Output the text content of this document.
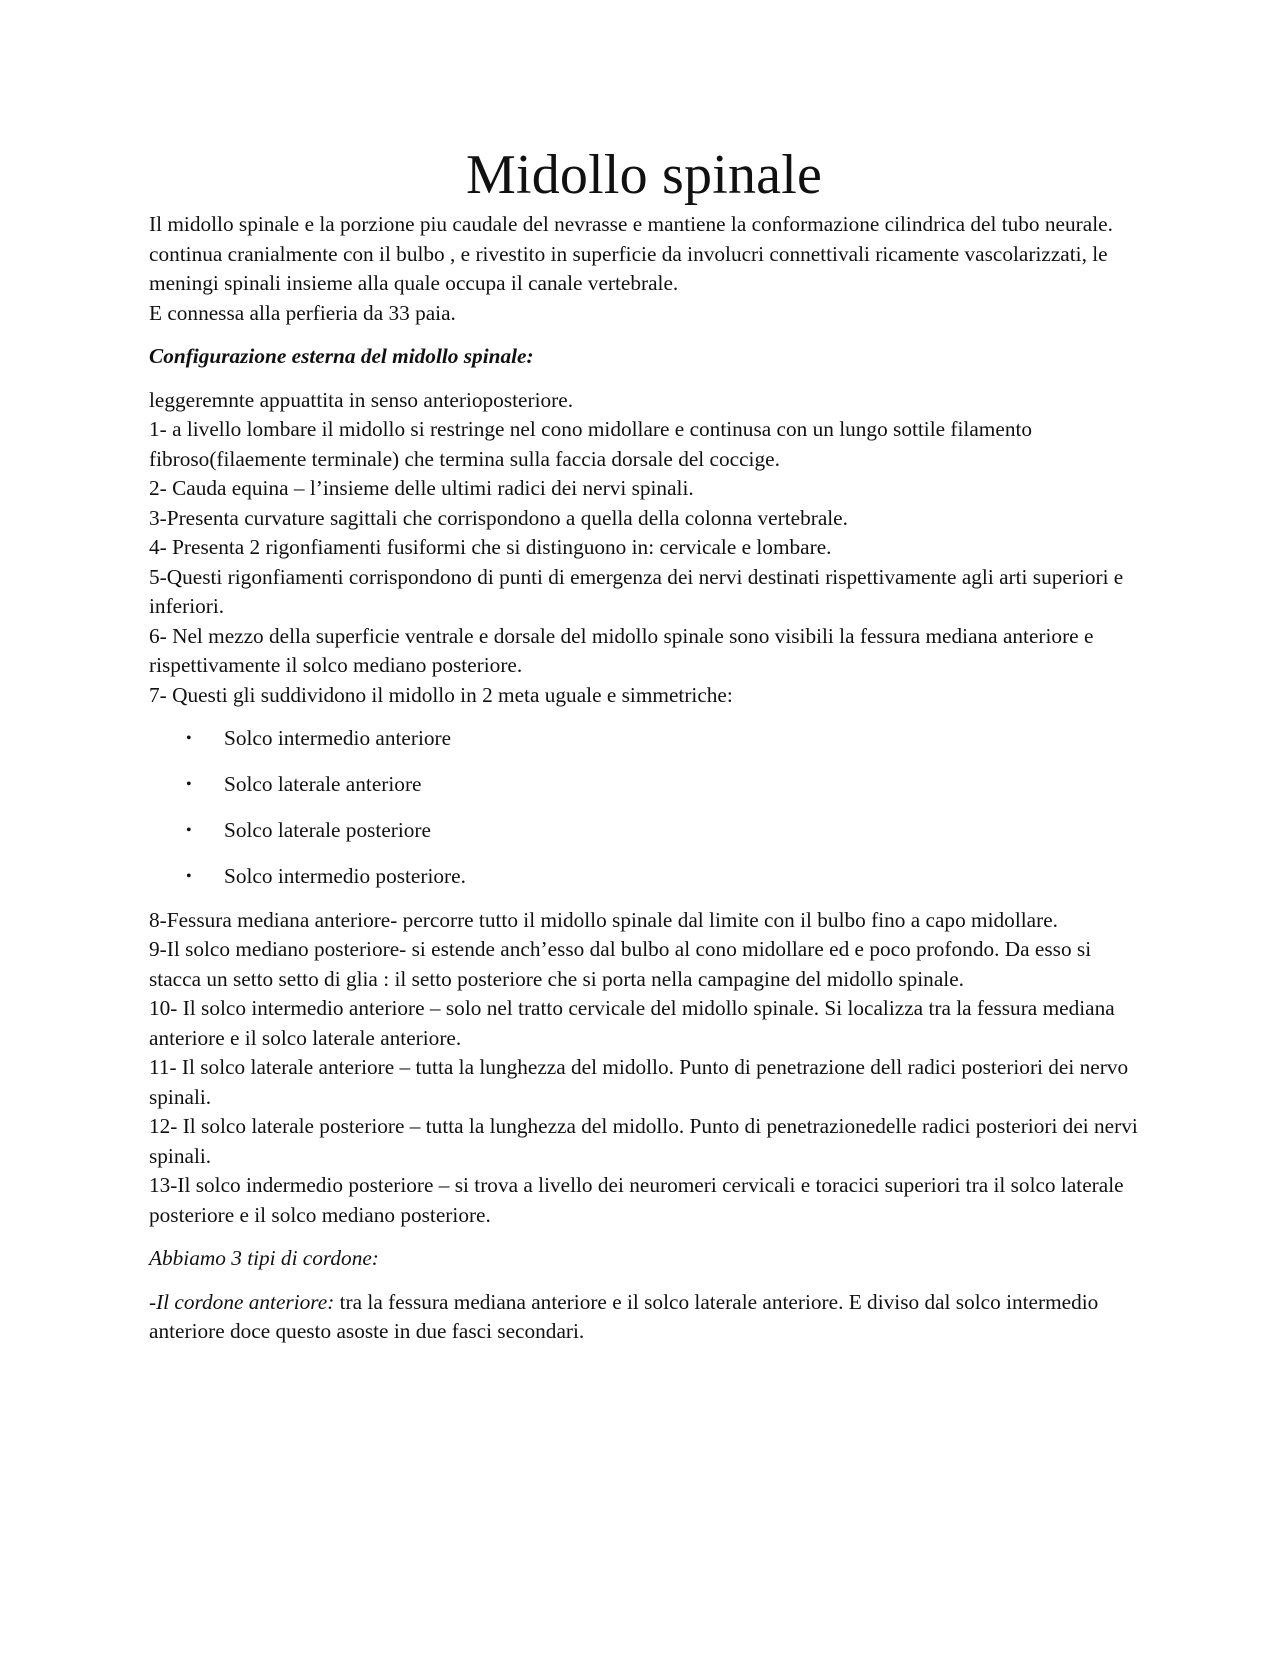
Midollo spinale

Il midollo spinale e la porzione piu caudale del nevrasse e mantiene la conformazione cilindrica del tubo neurale.

continua cranialmente con il bulbo , e rivestito in superficie da involucri connettivali ricamente vascolarizzati, le meningi spinali insieme alla quale occupa il canale vertebrale.

E connessa alla perfieria da 33 paia.

Configurazione esterna del midollo spinale:

leggeremnte appuattita in senso anterioposteriore.

1- a livello lombare il midollo si restringe nel cono midollare e continusa con un lungo sottile filamento fibroso(filaemente terminale) che termina sulla faccia dorsale del coccige.

2- Cauda equina – l’insieme delle ultimi radici dei nervi spinali.

3-Presenta curvature sagittali che corrispondono a quella della colonna vertebrale.

4- Presenta 2 rigonfiamenti fusiformi che si distinguono in: cervicale e lombare.

5-Questi rigonfiamenti corrispondono di punti di emergenza dei nervi destinati rispettivamente agli arti superiori e inferiori.

6- Nel mezzo della superficie ventrale e dorsale del midollo spinale sono visibili la fessura mediana anteriore e rispettivamente il solco mediano posteriore.

7- Questi gli suddividono il midollo in 2 meta uguale e simmetriche:

• Solco intermedio anteriore
• Solco laterale anteriore
• Solco laterale posteriore
• Solco intermedio posteriore.

8-Fessura mediana anteriore- percorre tutto il midollo spinale dal limite con il bulbo fino a capo midollare.

9-Il solco mediano posteriore- si estende anch’esso dal bulbo al cono midollare ed e poco profondo. Da esso si stacca un setto setto di glia : il setto posteriore che si porta nella campagine del midollo spinale.

10- Il solco intermedio anteriore – solo nel tratto cervicale del midollo spinale. Si localizza tra la fessura mediana anteriore e il solco laterale anteriore.

11- Il solco laterale anteriore – tutta la lunghezza del midollo. Punto di penetrazione dell radici posteriori dei nervo spinali.

12- Il solco laterale posteriore – tutta la lunghezza del midollo. Punto di penetrazionedelle radici posteriori dei nervi spinali.

13-Il solco indermedio posteriore – si trova a livello dei neuromeri cervicali e toracici superiori tra il solco laterale posteriore e il solco mediano posteriore.

Abbiamo 3 tipi di cordone:

-Il cordone anteriore: tra la fessura mediana anteriore e il solco laterale anteriore. E diviso dal solco intermedio anteriore doce questo asoste in due fasci secondari.
